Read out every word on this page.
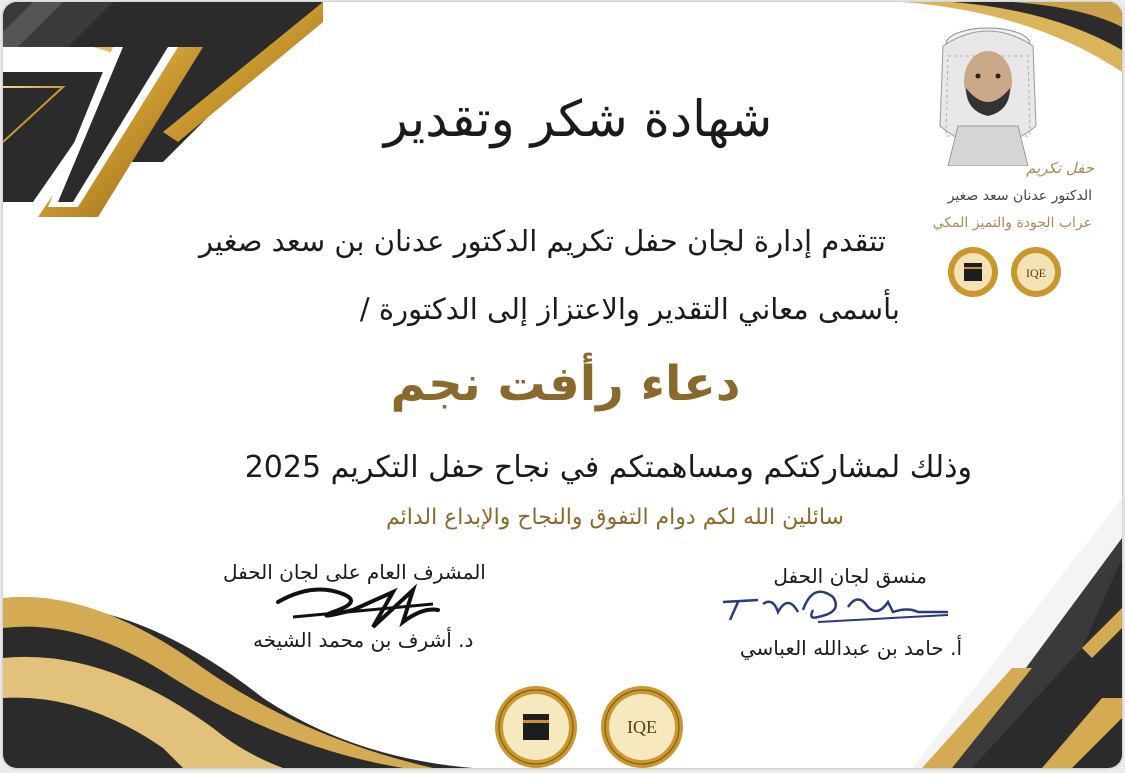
حفل تكريم
الدكتور عدنان سعد صغير
عراب الجودة والتميز المكي
IQE
شهادة شكر وتقدير
تتقدم إدارة لجان حفل تكريم الدكتور عدنان بن سعد صغير
بأسمى معاني التقدير والاعتزاز إلى الدكتورة /
دعاء رأفت نجم
وذلك لمشاركتكم ومساهمتكم في نجاح حفل التكريم 2025
سائلين الله لكم دوام التفوق والنجاح والإبداع الدائم
المشرف العام على لجان الحفل
د. أشرف بن محمد الشيخه
منسق لجان الحفل
أ. حامد بن عبدالله العباسي
IQE
